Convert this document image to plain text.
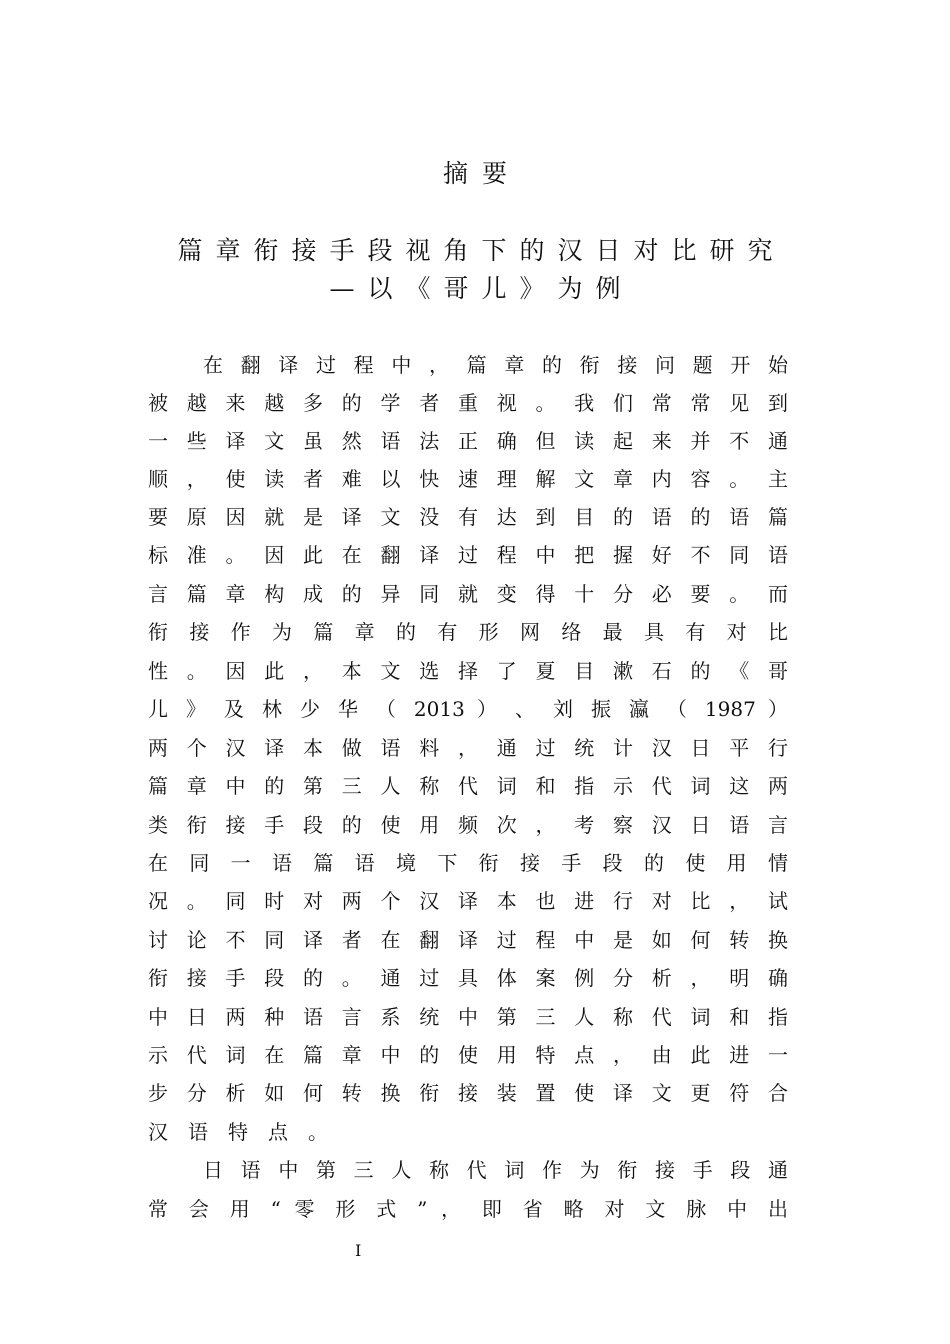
摘要
篇章衔接手段视角下的汉日对比研究
—以《哥儿》为例
在 翻 译 过 程 中 ， 篇 章 的 衔 接 问 题 开 始
被 越 来 越 多 的 学 者 重 视 。 我 们 常 常 见 到
一 些 译 文 虽 然 语 法 正 确 但 读 起 来 并 不 通
顺 ， 使 读 者 难 以 快 速 理 解 文 章 内 容 。 主
要 原 因 就 是 译 文 没 有 达 到 目 的 语 的 语 篇
标 准 。 因 此 在 翻 译 过 程 中 把 握 好 不 同 语
言 篇 章 构 成 的 异 同 就 变 得 十 分 必 要 。 而
衔 接 作 为 篇 章 的 有 形 网 络 最 具 有 对 比
性 。 因 此 ， 本 文 选 择 了 夏 目 漱 石 的 《 哥
儿 》 及 林 少 华 （ 2013 ） 、 刘 振 瀛 （ 1987 ）
两 个 汉 译 本 做 语 料 ， 通 过 统 计 汉 日 平 行
篇 章 中 的 第 三 人 称 代 词 和 指 示 代 词 这 两
类 衔 接 手 段 的 使 用 频 次 ， 考 察 汉 日 语 言
在 同 一 语 篇 语 境 下 衔 接 手 段 的 使 用 情
况 。 同 时 对 两 个 汉 译 本 也 进 行 对 比 ， 试
讨 论 不 同 译 者 在 翻 译 过 程 中 是 如 何 转 换
衔 接 手 段 的 。 通 过 具 体 案 例 分 析 ， 明 确
中 日 两 种 语 言 系 统 中 第 三 人 称 代 词 和 指
示 代 词 在 篇 章 中 的 使 用 特 点 ， 由 此 进 一
步 分 析 如 何 转 换 衔 接 装 置 使 译 文 更 符 合
汉语特点。
日 语 中 第 三 人 称 代 词 作 为 衔 接 手 段 通
常 会 用 “ 零 形 式 ” ， 即 省 略 对 文 脉 中 出
I
